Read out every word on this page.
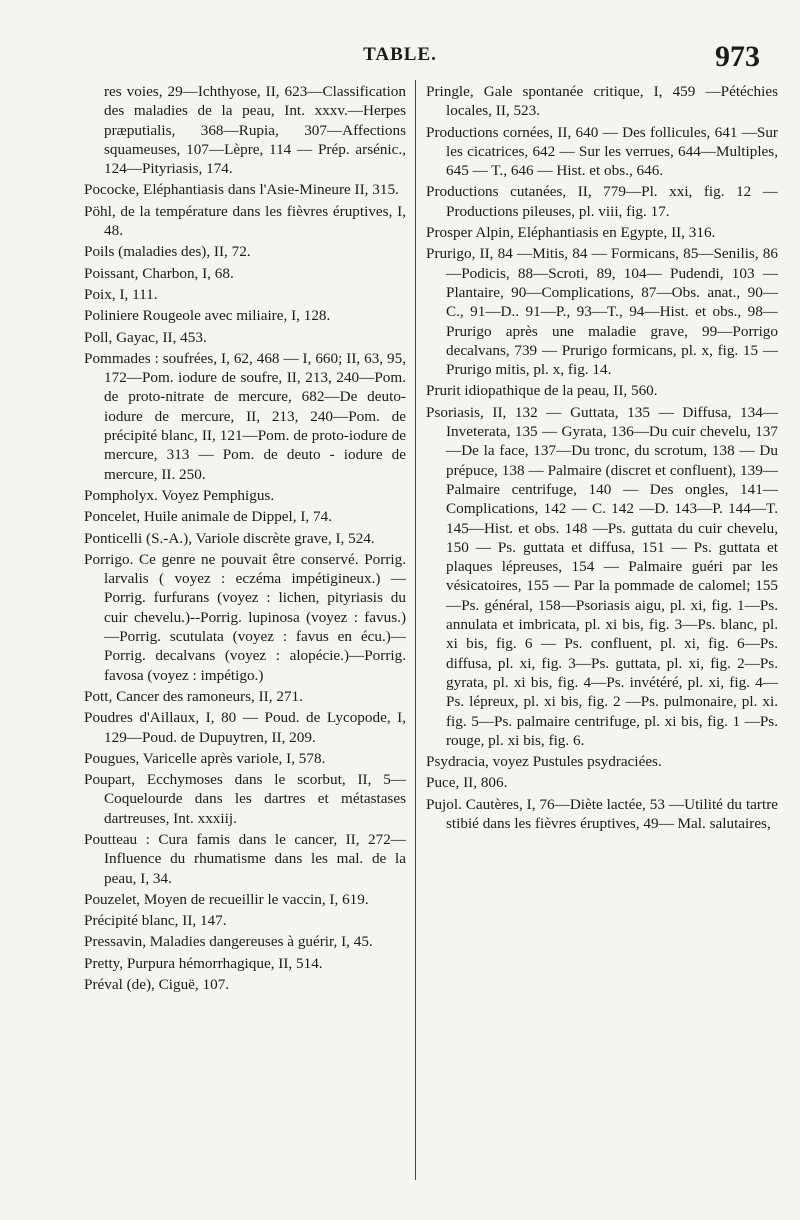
TABLE.	973

res voies, 29—Ichthyose, II, 623—Classification des maladies de la peau, Int. xxxv.—Herpes præputialis, 368—Rupia, 307—Affections squameuses, 107—Lèpre, 114 — Prép. arsénic., 124—Pityriasis, 174.

Pococke, Eléphantiasis dans l'Asie-Mineure II, 315.

Pöhl, de la température dans les fièvres éruptives, I, 48.

Poils (maladies des), II, 72.

Poissant, Charbon, I, 68.

Poix, I, 111.

Poliniere Rougeole avec miliaire, I, 128.

Poll, Gayac, II, 453.

Pommades : soufrées, I, 62, 468 — I, 660; II, 63, 95, 172—Pom. iodure de soufre, II, 213, 240—Pom. de proto-nitrate de mercure, 682—De deuto-iodure de mercure, II, 213, 240—Pom. de précipité blanc, II, 121—Pom. de proto-iodure de mercure, 313 — Pom. de deuto - iodure de mercure, II. 250.

Pompholyx. Voyez Pemphigus.

Poncelet, Huile animale de Dippel, I, 74.

Ponticelli (S.-A.), Variole discrète grave, I, 524.

Porrigo. Ce genre ne pouvait être conservé. Porrig. larvalis ( voyez : eczéma impétigineux.) — Porrig. furfurans (voyez : lichen, pityriasis du cuir chevelu.)--Porrig. lupinosa (voyez : favus.) —Porrig. scutulata (voyez : favus en écu.)—Porrig. decalvans (voyez : alopécie.)—Porrig. favosa (voyez : impétigo.)

Pott, Cancer des ramoneurs, II, 271.

Poudres d'Aillaux, I, 80 — Poud. de Lycopode, I, 129—Poud. de Dupuytren, II, 209.

Pougues, Varicelle après variole, I, 578.

Poupart, Ecchymoses dans le scorbut, II, 5—Coquelourde dans les dartres et métastases dartreuses, Int. xxxiij.

Poutteau : Cura famis dans le cancer, II, 272—Influence du rhumatisme dans les mal. de la peau, I, 34.

Pouzelet, Moyen de recueillir le vaccin, I, 619.

Précipité blanc, II, 147.

Pressavin, Maladies dangereuses à guérir, I, 45.

Pretty, Purpura hémorrhagique, II, 514.

Préval (de), Ciguë, 107.

Pringle, Gale spontanée critique, I, 459 —Pétéchies locales, II, 523.

Productions cornées, II, 640 — Des follicules, 641 —Sur les cicatrices, 642 — Sur les verrues, 644—Multiples, 645 — T., 646 — Hist. et obs., 646.

Productions cutanées, II, 779—Pl. xxi, fig. 12 — Productions pileuses, pl. viii, fig. 17.

Prosper Alpin, Eléphantiasis en Egypte, II, 316.

Prurigo, II, 84 —Mitis, 84 — Formicans, 85—Senilis, 86—Podicis, 88—Scroti, 89, 104— Pudendi, 103 — Plantaire, 90—Complications, 87—Obs. anat., 90—C., 91—D.. 91—P., 93—T., 94—Hist. et obs., 98—Prurigo après une maladie grave, 99—Porrigo decalvans, 739 — Prurigo formicans, pl. x, fig. 15 — Prurigo mitis, pl. x, fig. 14.

Prurit idiopathique de la peau, II, 560.

Psoriasis, II, 132 — Guttata, 135 — Diffusa, 134—Inveterata, 135 — Gyrata, 136—Du cuir chevelu, 137—De la face, 137—Du tronc, du scrotum, 138 — Du prépuce, 138 — Palmaire (discret et confluent), 139—Palmaire centrifuge, 140 — Des ongles, 141—Complications, 142 — C. 142 —D. 143—P. 144—T. 145—Hist. et obs. 148 —Ps. guttata du cuir chevelu, 150 — Ps. guttata et diffusa, 151 — Ps. guttata et plaques lépreuses, 154 — Palmaire guéri par les vésicatoires, 155 — Par la pommade de calomel; 155—Ps. général, 158—Psoriasis aigu, pl. xi, fig. 1—Ps. annulata et imbricata, pl. xi bis, fig. 3—Ps. blanc, pl. xi bis, fig. 6 — Ps. confluent, pl. xi, fig. 6—Ps. diffusa, pl. xi, fig. 3—Ps. guttata, pl. xi, fig. 2—Ps. gyrata, pl. xi bis, fig. 4—Ps. invétéré, pl. xi, fig. 4—Ps. lépreux, pl. xi bis, fig. 2 —Ps. pulmonaire, pl. xi. fig. 5—Ps. palmaire centrifuge, pl. xi bis, fig. 1 —Ps. rouge, pl. xi bis, fig. 6.

Psydracia, voyez Pustules psydraciées.

Puce, II, 806.

Pujol. Cautères, I, 76—Diète lactée, 53 —Utilité du tartre stibié dans les fièvres éruptives, 49— Mal. salutaires,
